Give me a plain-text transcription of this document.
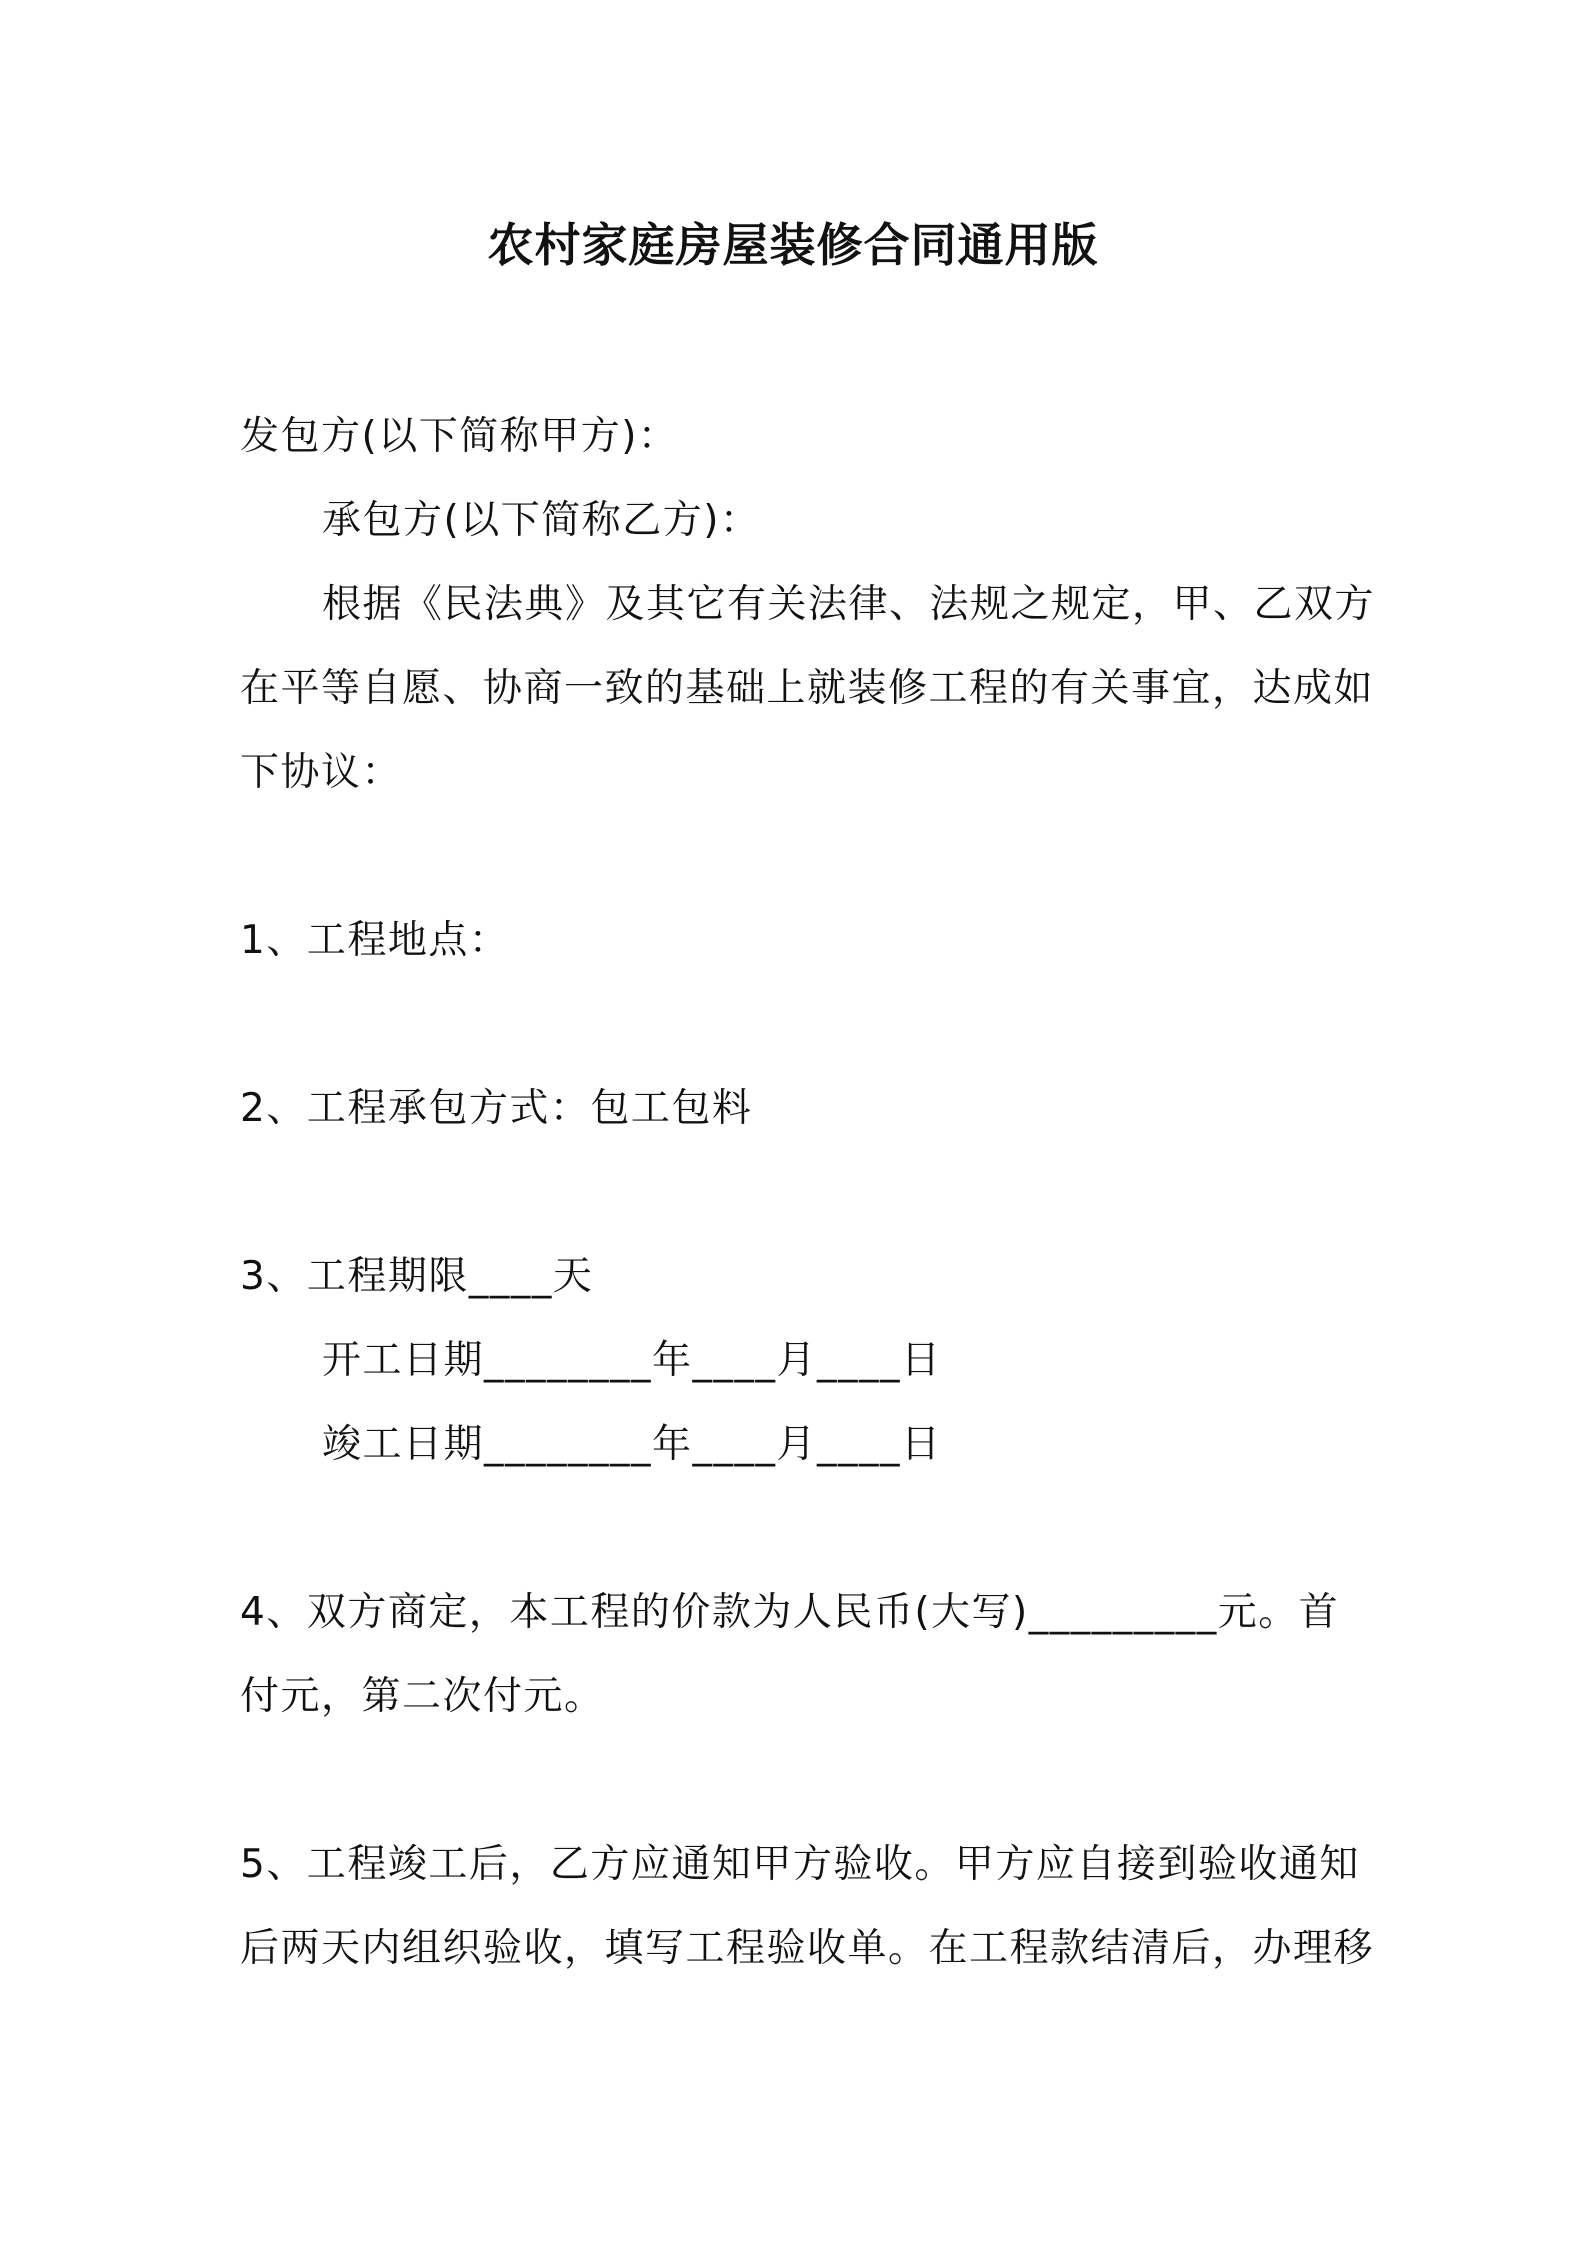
农村家庭房屋装修合同通用版
发包方(以下简称甲方)：
承包方(以下简称乙方)：
根据《民法典》及其它有关法律、法规之规定，甲、乙双方
在平等自愿、协商一致的基础上就装修工程的有关事宜，达成如
下协议：
1、工程地点：
2、工程承包方式：包工包料
3、工程期限____天
开工日期________年____月____日
竣工日期________年____月____日
4、双方商定，本工程的价款为人民币(大写)_________元。首
付元，第二次付元。
5、工程竣工后，乙方应通知甲方验收。甲方应自接到验收通知
后两天内组织验收，填写工程验收单。在工程款结清后，办理移
